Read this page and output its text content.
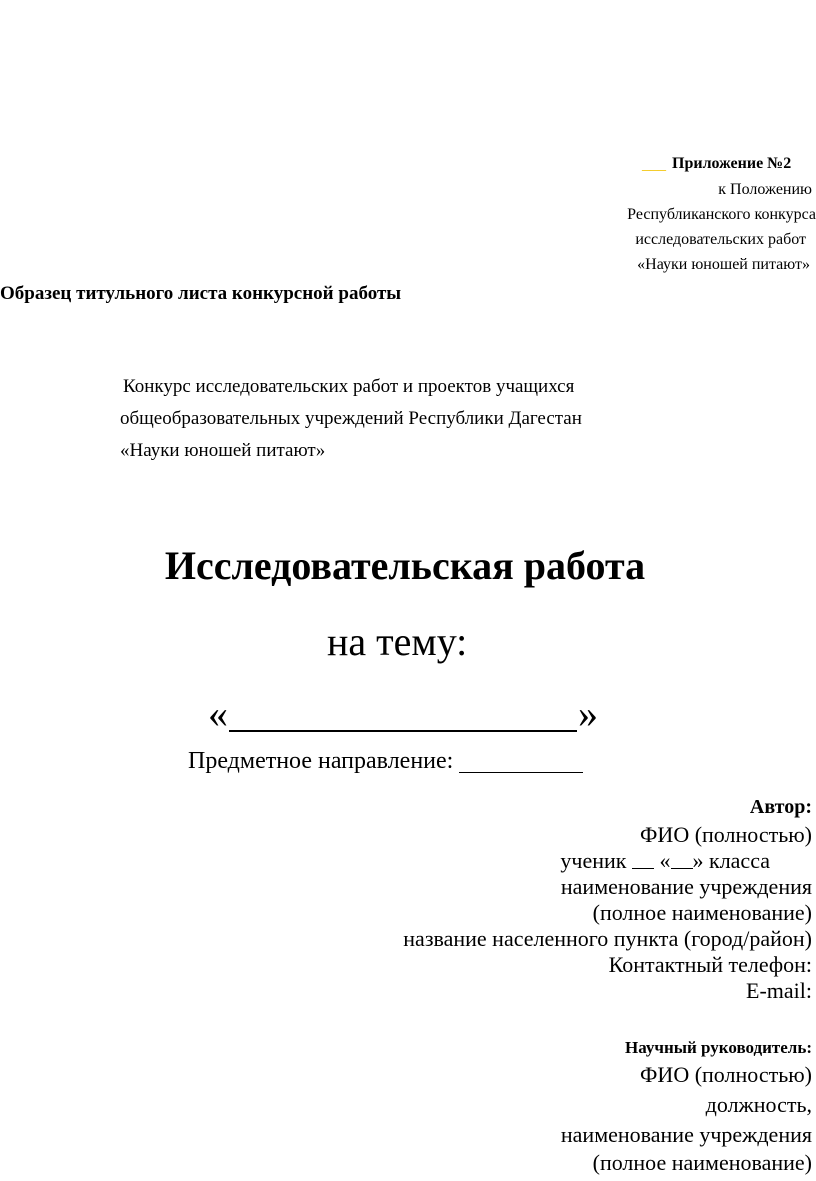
___ Приложение №2
к Положению
Республиканского конкурса
исследовательских работ
«Науки юношей питают»
Образец титульного листа конкурсной работы
Конкурс исследовательских работ и проектов учащихся
общеобразовательных учреждений Республики Дагестан
«Науки юношей питают»
Исследовательская работа
на тему:
«	»
Предметное направление:
Автор:
ФИО (полностью)
ученик « » класса
наименование учреждения
(полное наименование)
название населенного пункта (город/район)
Контактный телефон:
E-mail:
Научный руководитель:
ФИО (полностью)
должность,
наименование учреждения
(полное наименование)
